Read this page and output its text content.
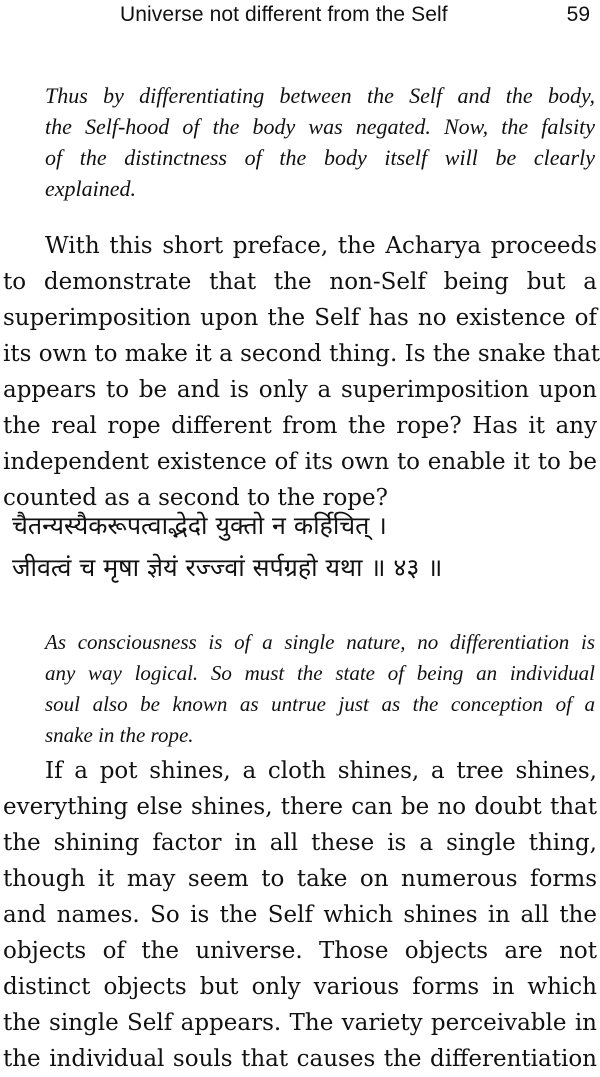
Universe not different from the Self	59
Thus by differentiating between the Self and the body,
the Self-hood of the body was negated. Now, the falsity
of the distinctness of the body itself will be clearly
explained.
With this short preface, the Acharya proceeds
to demonstrate that the non-Self being but a
superimposition upon the Self has no existence of
its own to make it a second thing. Is the snake that
appears to be and is only a superimposition upon
the real rope different from the rope? Has it any
independent existence of its own to enable it to be
counted as a second to the rope?
चैतन्यस्यैकरूपत्वाद्भेदो युक्तो न कर्हिचित् ।
जीवत्वं च मृषा ज्ञेयं रज्ज्वां सर्पग्रहो यथा ॥ ४३ ॥
As consciousness is of a single nature, no differentiation is
any way logical. So must the state of being an individual
soul also be known as untrue just as the conception of a
snake in the rope.
If a pot shines, a cloth shines, a tree shines,
everything else shines, there can be no doubt that
the shining factor in all these is a single thing,
though it may seem to take on numerous forms
and names. So is the Self which shines in all the
objects of the universe. Those objects are not
distinct objects but only various forms in which
the single Self appears. The variety perceivable in
the individual souls that causes the differentiation
